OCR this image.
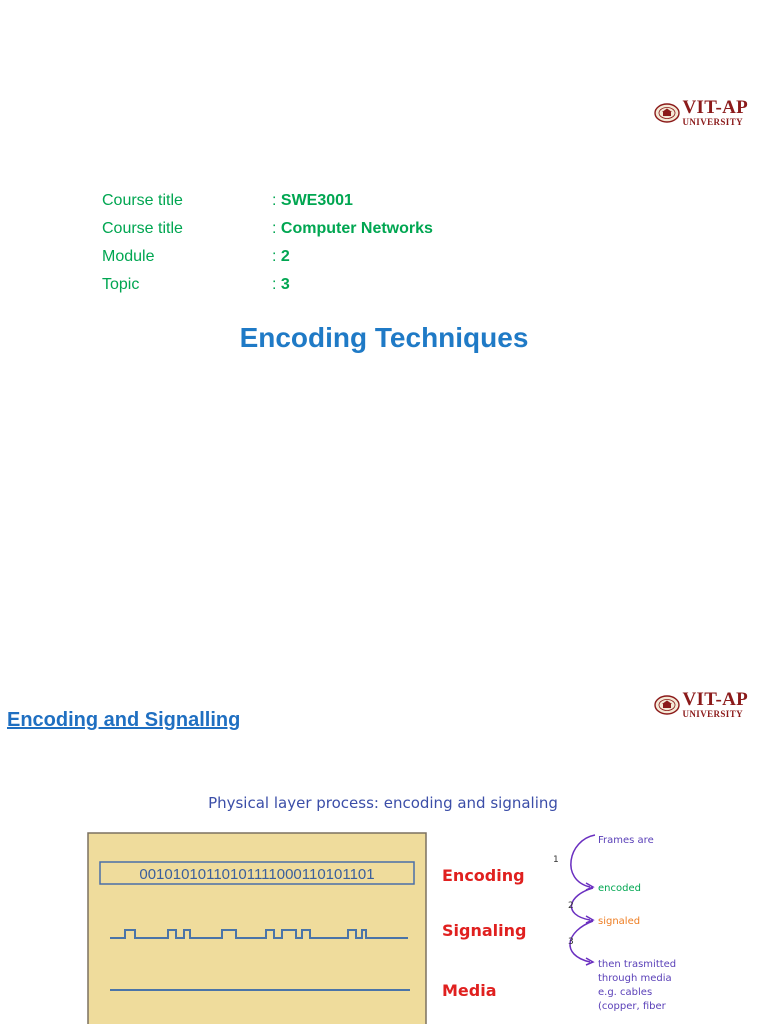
VIT-AP
UNIVERSITY
Course title	: SWE3001
Course title	: Computer Networks
Module	: 2
Topic	: 3
Encoding Techniques
VIT-AP
UNIVERSITY
Encoding and Signalling
Physical layer process: encoding and signaling
00101010110101111000110101101	Encoding
Signaling
Media
Frames are
1
encoded
2
signaled
3
then trasmitted
through media
e.g. cables
(copper, fiber
